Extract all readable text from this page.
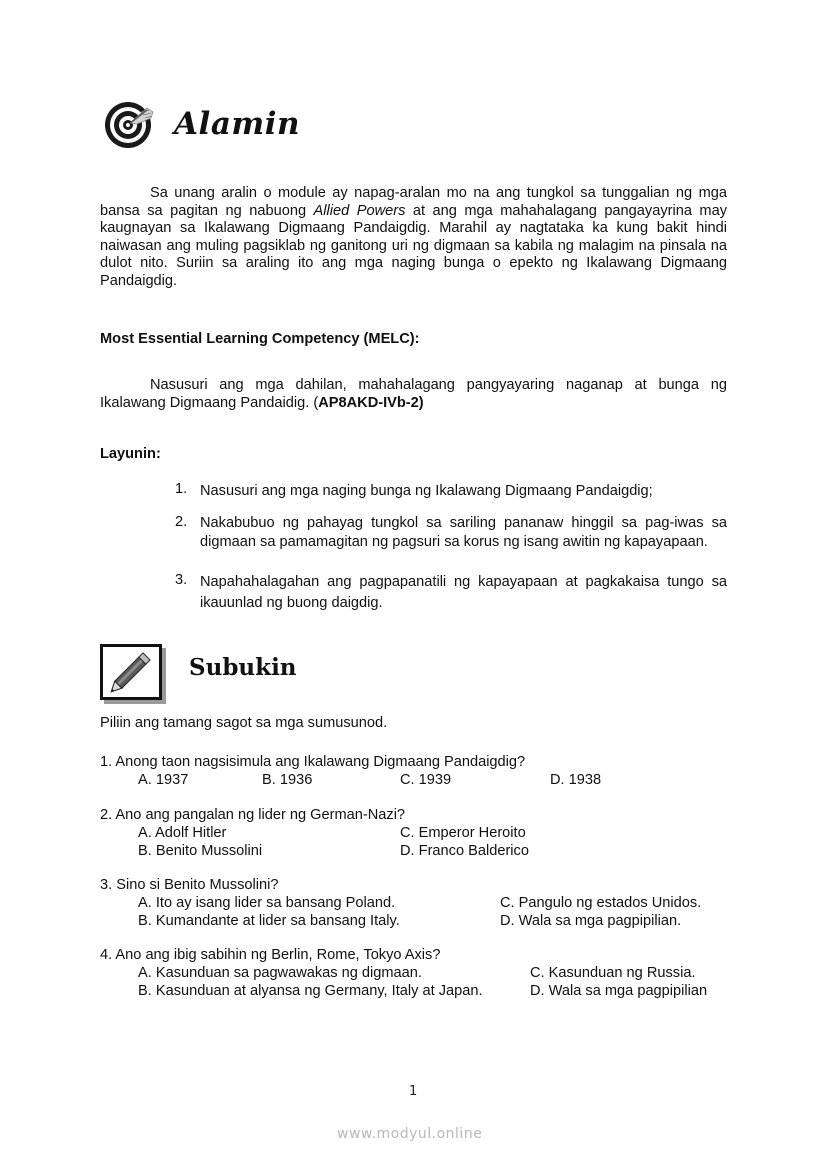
Alamin
Sa unang aralin o module ay napag-aralan mo na ang tungkol sa tunggalian ng mga bansa sa pagitan ng nabuong Allied Powers at ang mga mahahalagang pangayayrina may kaugnayan sa Ikalawang Digmaang Pandaigdig. Marahil ay nagtataka ka kung bakit hindi naiwasan ang muling pagsiklab ng ganitong uri ng digmaan sa kabila ng malagim na pinsala na dulot nito. Suriin sa araling ito ang mga naging bunga o epekto ng Ikalawang Digmaang Pandaigdig.
Most Essential Learning Competency (MELC):
Nasusuri ang mga dahilan, mahahalagang pangyayaring naganap at bunga ng Ikalawang Digmaang Pandaidig. (AP8AKD-IVb-2)
Layunin:
1. Nasusuri ang mga naging bunga ng Ikalawang Digmaang Pandaigdig;
2. Nakabubuo ng pahayag tungkol sa sariling pananaw hinggil sa pag-iwas sa digmaan sa pamamagitan ng pagsuri sa korus ng isang awitin ng kapayapaan.
3. Napahahalagahan ang pagpapanatili ng kapayapaan at pagkakaisa tungo sa ikauunlad ng buong daigdig.
Subukin
Piliin ang tamang sagot sa mga sumusunod.
1. Anong taon nagsisimula ang Ikalawang Digmaang Pandaigdig?
A. 1937	B. 1936	C. 1939	D. 1938
2. Ano ang pangalan ng lider ng German-Nazi?
A. Adolf Hitler
B. Benito Mussolini
C. Emperor Heroito
D. Franco Balderico
3. Sino si Benito Mussolini?
A. Ito ay isang lider sa bansang Poland.
B. Kumandante at lider sa bansang Italy.
C. Pangulo ng estados Unidos.
D. Wala sa mga pagpipilian.
4. Ano ang ibig sabihin ng Berlin, Rome, Tokyo Axis?
A. Kasunduan sa pagwawakas ng digmaan.
B. Kasunduan at alyansa ng Germany, Italy at Japan.
C. Kasunduan ng Russia.
D. Wala sa mga pagpipilian
1
www.modyul.online
